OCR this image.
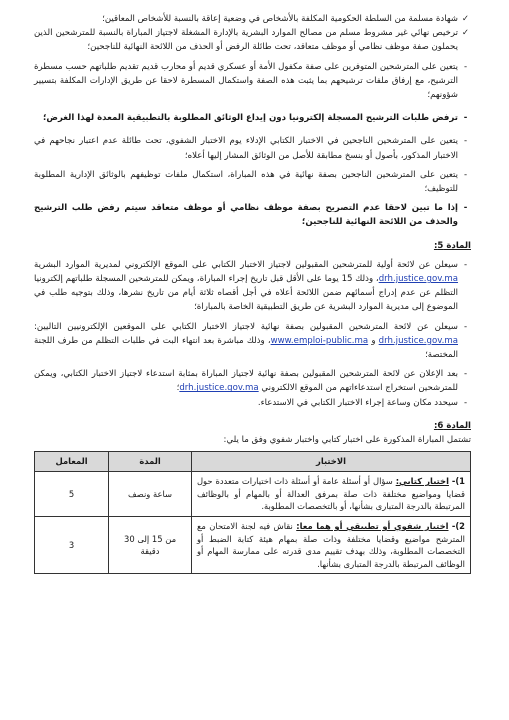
✓
شهادة مسلمة من السلطة الحكومية المكلفة بالأشخاص في وضعية إعاقة بالنسبة للأشخاص المعاقين؛

✓
ترخيص نهائي غير مشروط مسلم من مصالح الموارد البشرية بالإدارة المشغلة لاجتياز المباراة بالنسبة للمترشحين الذين يحملون صفة موظف نظامي أو موظف متعاقد، تحت طائلة الرفض أو الحذف من اللائحة النهائية للناجحين؛

-
يتعين على المترشحين المتوفرين على صفة مكفول الأمة أو عسكري قديم أو محارب قديم تقديم طلباتهم حسب مسطرة الترشيح، مع إرفاق ملفات ترشيحهم بما يثبت هذه الصفة واستكمال المسطرة لاحقا عن طريق الإدارات المكلفة بتسيير شؤونهم؛

-
ترفض طلبات الترشيح المسجلة إلكترونيا دون إيداع الوثائق المطلوبة بالتطبيقية المعدة لهذا الغرض؛

-
يتعين على المترشحين الناجحين في الاختبار الكتابي الإدلاء يوم الاختبار الشفوي، تحت طائلة عدم اعتبار نجاحهم في الاختبار المذكور، بأصول أو بنسخ مطابقة للأصل من الوثائق المشار إليها أعلاه؛

-
يتعين على المترشحين الناجحين بصفة نهائية في هذه المباراة، استكمال ملفات توظيفهم بالوثائق الإدارية المطلوبة للتوظيف؛

-
إذا ما تبين لاحقا عدم التصريح بصفة موظف نظامي أو موظف متعاقد سيتم رفض طلب الترشيح والحذف من اللائحة النهائية للناجحين؛

المادة 5:

-
سيعلن عن لائحة أولية للمترشحين المقبولين لاجتياز الاختبار الكتابي على الموقع الإلكتروني لمديرية الموارد البشرية drh.justice.gov.ma، وذلك 15 يوما على الأقل قبل تاريخ إجراء المباراة، ويمكن للمترشحين المسجلة طلباتهم إلكترونيا التظلم عن عدم إدراج أسمائهم ضمن اللائحة أعلاه في أجل أقصاه ثلاثة أيام من تاريخ نشرها، وذلك بتوجيه طلب في الموضوع إلى مديرية الموارد البشرية عن طريق التطبيقية الخاصة بالمباراة؛

-
سيعلن عن لائحة المترشحين المقبولين بصفة نهائية لاجتياز الاختبار الكتابي على الموقعين الإلكترونيين التاليين: drh.justice.gov.ma و www.emploi-public.ma، وذلك مباشرة بعد انتهاء البت في طلبات التظلم من طرف اللجنة المختصة؛

-
بعد الإعلان عن لائحة المترشحين المقبولين بصفة نهائية لاجتياز المباراة بمثابة استدعاء لاجتياز الاختبار الكتابي، ويمكن للمترشحين استخراج استدعاءاتهم من الموقع الالكتروني drh.justice.gov.ma؛

-
سيحدد مكان وساعة إجراء الاختبار الكتابي في الاستدعاء.

المادة 6:

تشتمل المباراة المذكورة على اختبار كتابي واختبار شفوي وفق ما يلي:

الاختبار	المدة	المعامل
1)- اختبار كتابي: سؤال أو أسئلة عامة أو أسئلة ذات اختيارات متعددة حول قضايا ومواضيع مختلفة ذات صلة بمرفق العدالة أو بالمهام أو بالوظائف المرتبطة بالدرجة المتبارى بشأنها، أو بالتخصصات المطلوبة.	ساعة ونصف	5
2)- اختبار شفوي أو تطبيقي أو هما معا: نقاش فيه لجنة الامتحان مع المترشح مواضيع وقضايا مختلفة وذات صلة بمهام هيئة كتابة الضبط أو التخصصات المطلوبة، وذلك بهدف تقييم مدى قدرته على ممارسة المهام أو الوظائف المرتبطة بالدرجة المتبارى بشأنها.	من 15 إلى 30 دقيقة	3
